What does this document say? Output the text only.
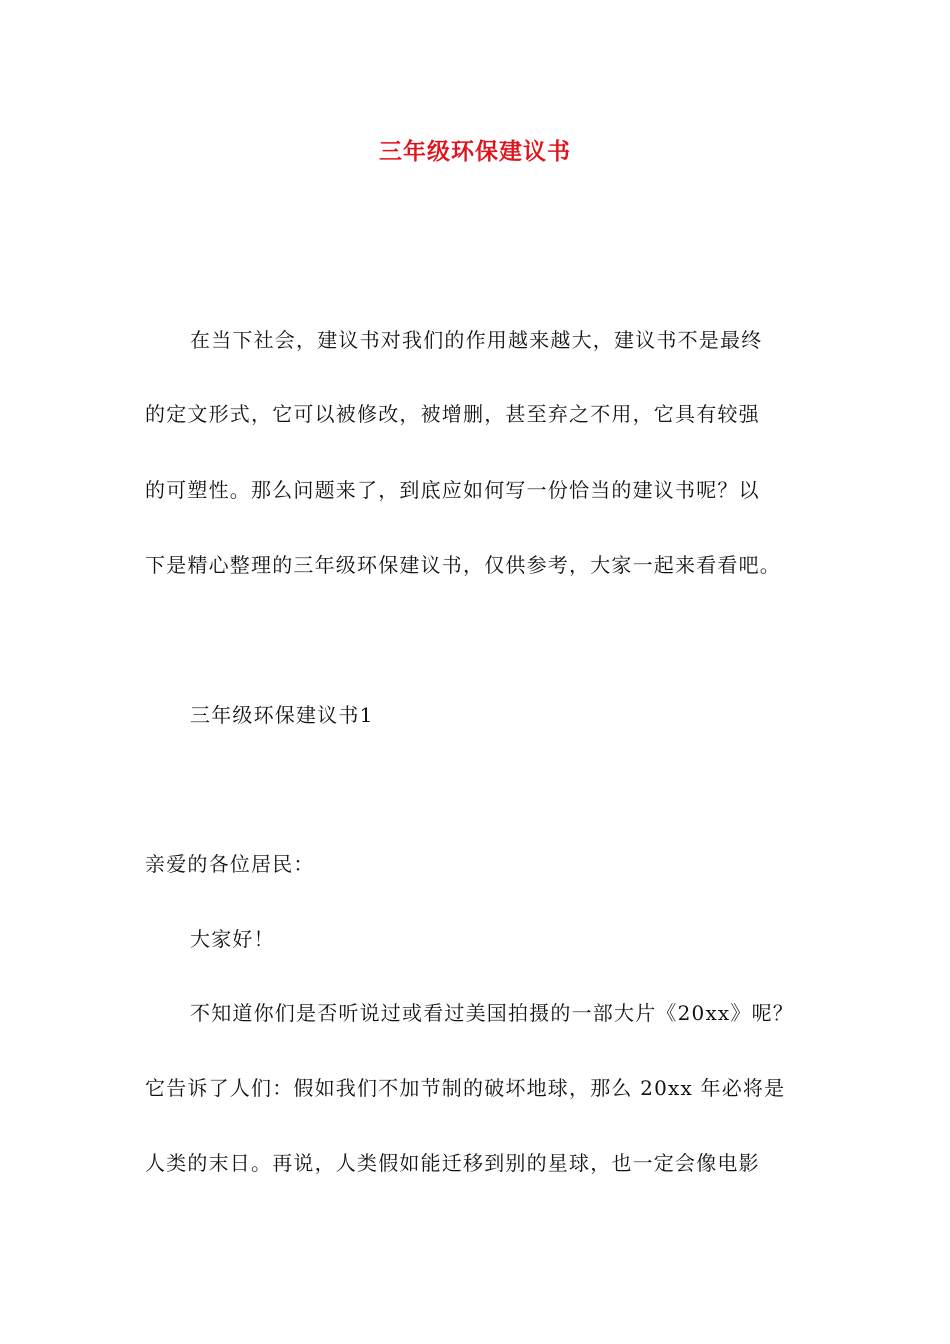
三年级环保建议书

在当下社会，建议书对我们的作用越来越大，建议书不是最终

的定文形式，它可以被修改，被增删，甚至弃之不用，它具有较强

的可塑性。那么问题来了，到底应如何写一份恰当的建议书呢？以

下是精心整理的三年级环保建议书，仅供参考，大家一起来看看吧。

三年级环保建议书1

亲爱的各位居民：

大家好！

不知道你们是否听说过或看过美国拍摄的一部大片《20xx》呢？

它告诉了人们：假如我们不加节制的破坏地球，那么 20xx 年必将是

人类的末日。再说，人类假如能迁移到别的星球，也一定会像电影
